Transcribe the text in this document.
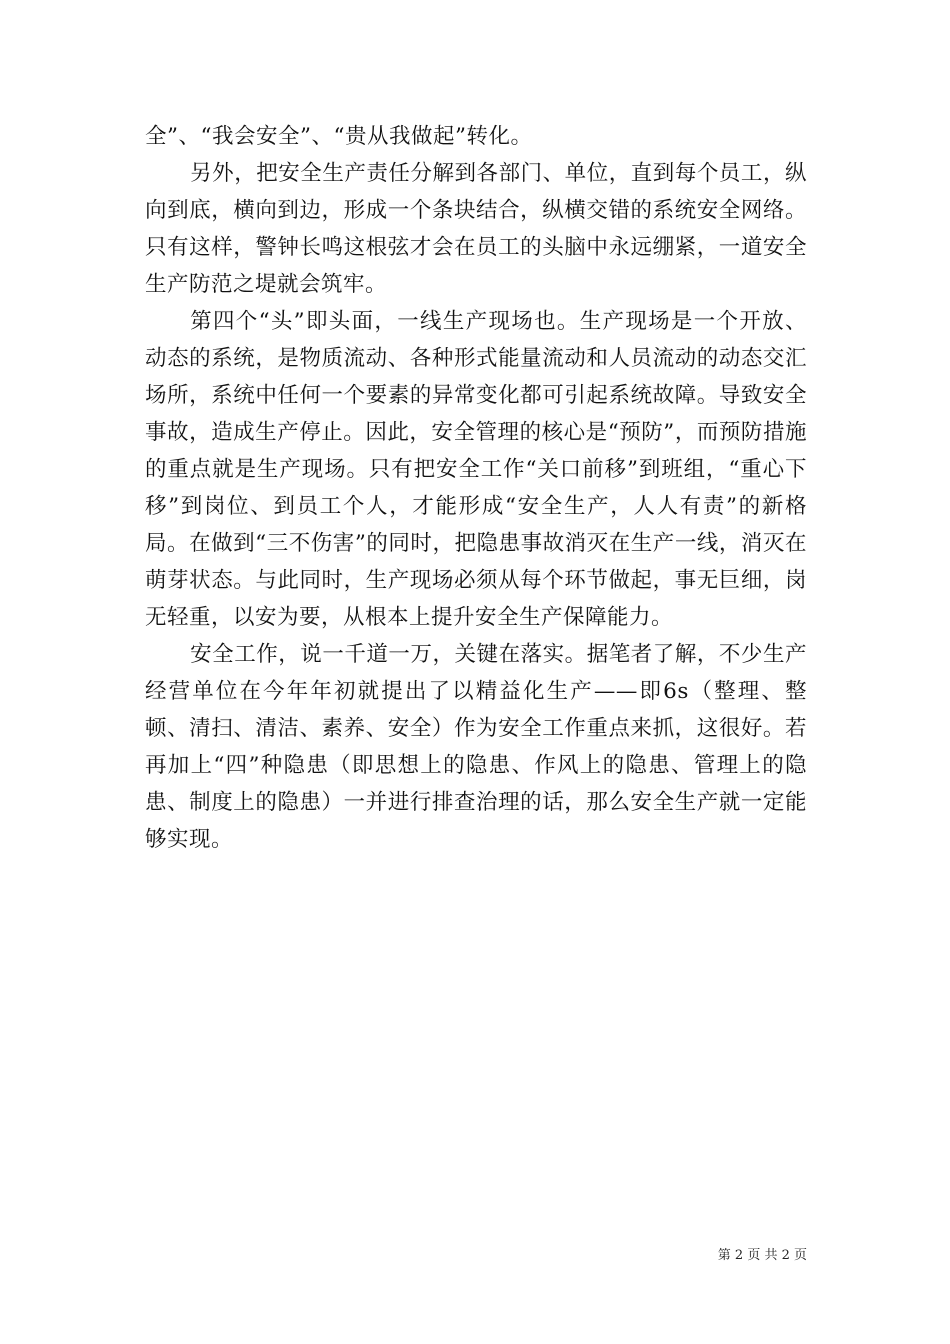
全”、“我会安全”、“贵从我做起”转化。

另外，把安全生产责任分解到各部门、单位，直到每个员工，纵向到底，横向到边，形成一个条块结合，纵横交错的系统安全网络。只有这样，警钟长鸣这根弦才会在员工的头脑中永远绷紧，一道安全生产防范之堤就会筑牢。

第四个“头”即头面，一线生产现场也。生产现场是一个开放、动态的系统，是物质流动、各种形式能量流动和人员流动的动态交汇场所，系统中任何一个要素的异常变化都可引起系统故障。导致安全事故，造成生产停止。因此，安全管理的核心是“预防”，而预防措施的重点就是生产现场。只有把安全工作“关口前移”到班组，“重心下移”到岗位、到员工个人，才能形成“安全生产，人人有责”的新格局。在做到“三不伤害”的同时，把隐患事故消灭在生产一线，消灭在萌芽状态。与此同时，生产现场必须从每个环节做起，事无巨细，岗无轻重，以安为要，从根本上提升安全生产保障能力。

安全工作，说一千道一万，关键在落实。据笔者了解，不少生产经营单位在今年年初就提出了以精益化生产——即6s（整理、整顿、清扫、清洁、素养、安全）作为安全工作重点来抓，这很好。若再加上“四”种隐患（即思想上的隐患、作风上的隐患、管理上的隐患、制度上的隐患）一并进行排查治理的话，那么安全生产就一定能够实现。

第 2 页 共 2 页
